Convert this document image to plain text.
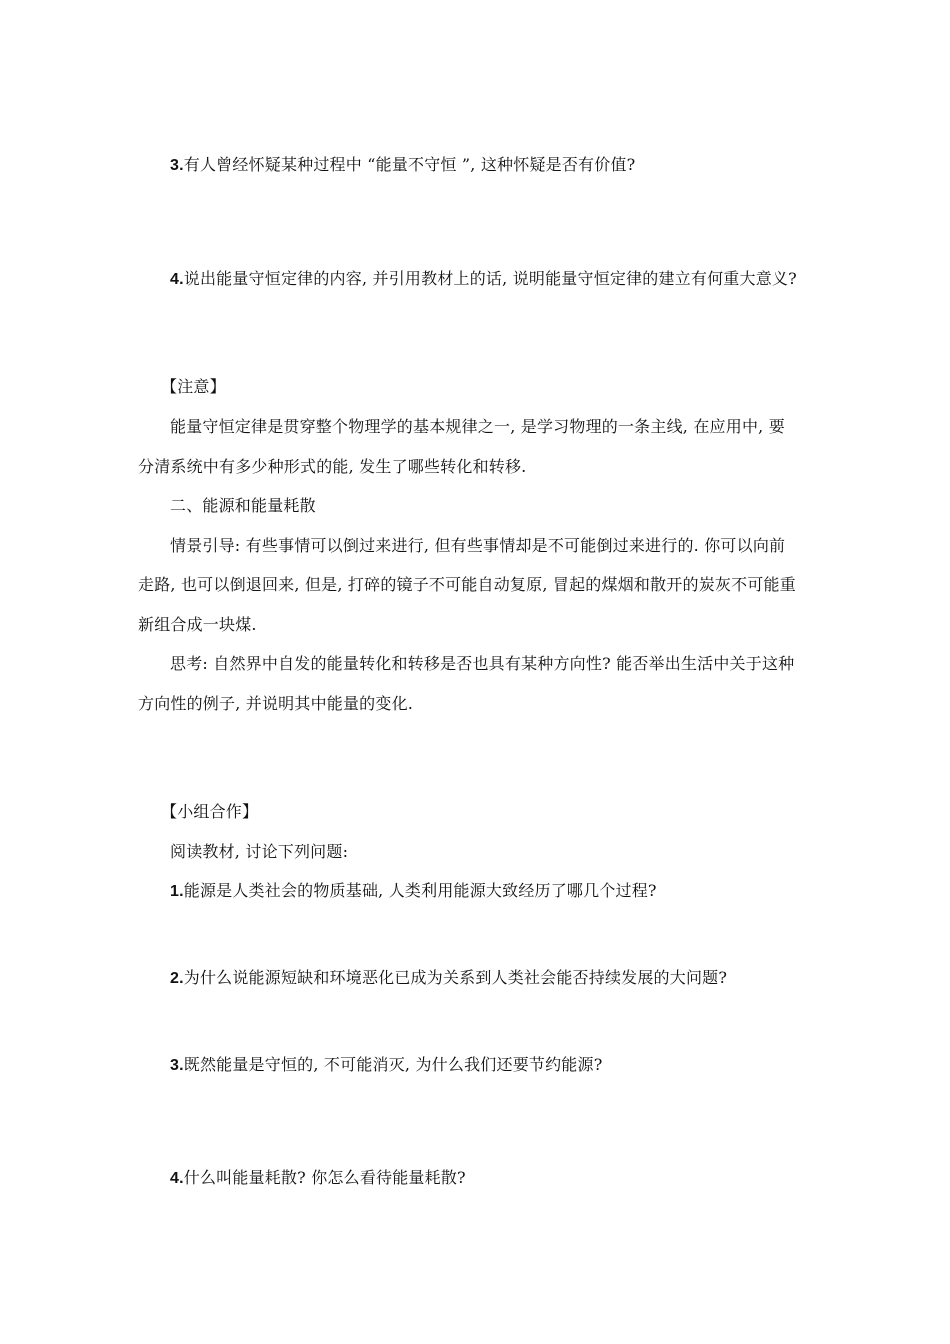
3.有人曾经怀疑某种过程中 “能量不守恒 ”, 这种怀疑是否有价值?
4.说出能量守恒定律的内容, 并引用教材上的话, 说明能量守恒定律的建立有何重大意义?
【注意】
能量守恒定律是贯穿整个物理学的基本规律之一, 是学习物理的一条主线, 在应用中, 要
分清系统中有多少种形式的能, 发生了哪些转化和转移.
二、能源和能量耗散
情景引导: 有些事情可以倒过来进行, 但有些事情却是不可能倒过来进行的. 你可以向前
走路, 也可以倒退回来, 但是, 打碎的镜子不可能自动复原, 冒起的煤烟和散开的炭灰不可能重
新组合成一块煤.
思考: 自然界中自发的能量转化和转移是否也具有某种方向性? 能否举出生活中关于这种
方向性的例子, 并说明其中能量的变化.
【小组合作】
阅读教材, 讨论下列问题:
1.能源是人类社会的物质基础, 人类利用能源大致经历了哪几个过程?
2.为什么说能源短缺和环境恶化已成为关系到人类社会能否持续发展的大问题?
3.既然能量是守恒的, 不可能消灭, 为什么我们还要节约能源?
4.什么叫能量耗散? 你怎么看待能量耗散?
